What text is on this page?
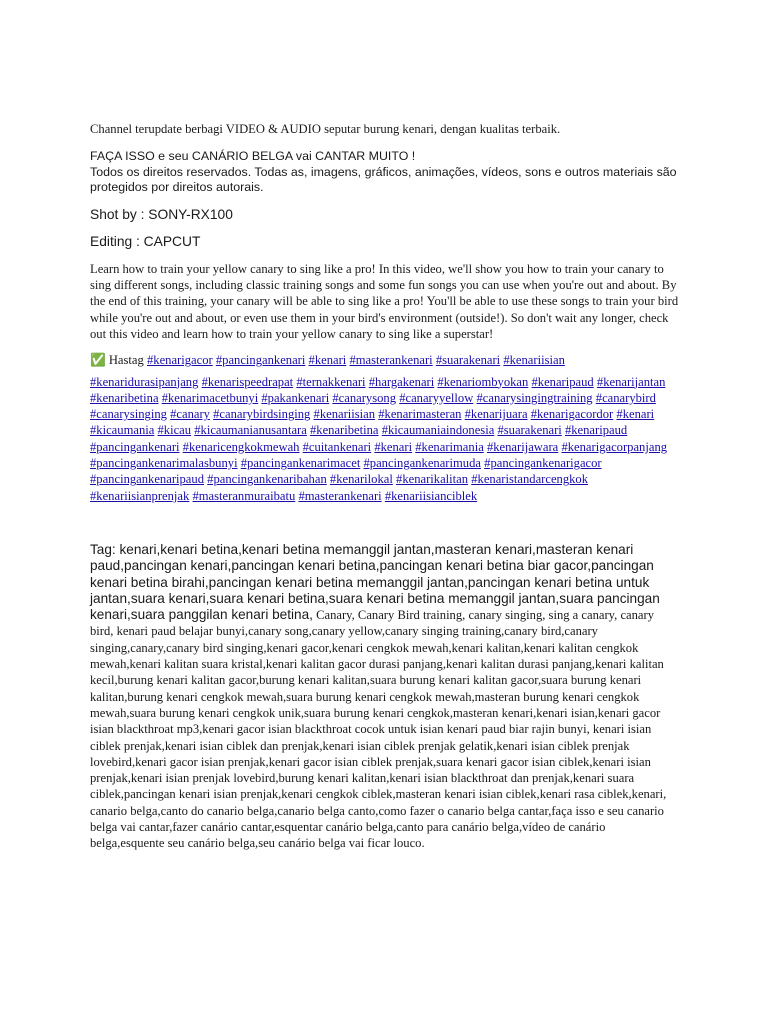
Channel terupdate berbagi VIDEO & AUDIO seputar burung kenari, dengan kualitas terbaik.

FAÇA ISSO e seu CANÁRIO BELGA vai CANTAR MUITO !

Todos os direitos reservados. Todas as, imagens, gráficos, animações, vídeos, sons e outros materiais são protegidos por direitos autorais.

Shot by : SONY-RX100

Editing : CAPCUT

Learn how to train your yellow canary to sing like a pro! In this video, we'll show you how to train your canary to sing different songs, including classic training songs and some fun songs you can use when you're out and about. By the end of this training, your canary will be able to sing like a pro! You'll be able to use these songs to train your bird while you're out and about, or even use them in your bird's environment (outside!). So don't wait any longer, check out this video and learn how to train your yellow canary to sing like a superstar!

✅ Hastag #kenarigacor #pancingankenari #kenari #masterankenari #suarakenari #kenariisian
#kenaridurasipanjang #kenarispeedrapat #ternakkenari #hargakenari #kenariombyokan #kenaripaud #kenarijantan #kenaribetina #kenarimacetbunyi #pakankenari #canarysong #canaryyellow #canarysingingtraining #canarybird #canarysinging #canary #canarybirdsinging #kenariisian #kenarimasteran #kenarijuara #kenarigacordor #kenari #kicaumania #kicau #kicaumanianusantara #kenaribetina #kicaumaniaindonesia #suarakenari #kenaripaud #pancingankenari #kenaricengkokmewah #cuitankenari #kenari #kenarimania #kenarijawara #kenarigacorpanjang #pancingankenarimalasbunyi #pancingankenarimacet #pancingankenarimuda #pancingankenarigacor #pancingankenaripaud #pancingankenaribahan #kenarilokal #kenarikalitan #kenaristandarcengkok #kenariisianprenjak #masteranmuraibatu #masterankenari #kenariisianciblek

Tag: kenari,kenari betina,kenari betina memanggil jantan,masteran kenari,masteran kenari paud,pancingan kenari,pancingan kenari betina,pancingan kenari betina biar gacor,pancingan kenari betina birahi,pancingan kenari betina memanggil jantan,pancingan kenari betina untuk jantan,suara kenari,suara kenari betina,suara kenari betina memanggil jantan,suara pancingan kenari,suara panggilan kenari betina, Canary, Canary Bird training, canary singing, sing a canary, canary bird, kenari paud belajar bunyi,canary song,canary yellow,canary singing training,canary bird,canary singing,canary,canary bird singing,kenari gacor,kenari cengkok mewah,kenari kalitan,kenari kalitan cengkok mewah,kenari kalitan suara kristal,kenari kalitan gacor durasi panjang,kenari kalitan durasi panjang,kenari kalitan kecil,burung kenari kalitan gacor,burung kenari kalitan,suara burung kenari kalitan gacor,suara burung kenari kalitan,burung kenari cengkok mewah,suara burung kenari cengkok mewah,masteran burung kenari cengkok mewah,suara burung kenari cengkok unik,suara burung kenari cengkok,masteran kenari,kenari isian,kenari gacor isian blackthroat mp3,kenari gacor isian blackthroat cocok untuk isian kenari paud biar rajin bunyi, kenari isian ciblek prenjak,kenari isian ciblek dan prenjak,kenari isian ciblek prenjak gelatik,kenari isian ciblek prenjak lovebird,kenari gacor isian prenjak,kenari gacor isian ciblek prenjak,suara kenari gacor isian ciblek,kenari isian prenjak,kenari isian prenjak lovebird,burung kenari kalitan,kenari isian blackthroat dan prenjak,kenari suara ciblek,pancingan kenari isian prenjak,kenari cengkok ciblek,masteran kenari isian ciblek,kenari rasa ciblek,kenari, canario belga,canto do canario belga,canario belga canto,como fazer o canario belga cantar,faça isso e seu canario belga vai cantar,fazer canário cantar,esquentar canário belga,canto para canário belga,vídeo de canário belga,esquente seu canário belga,seu canário belga vai ficar louco.
